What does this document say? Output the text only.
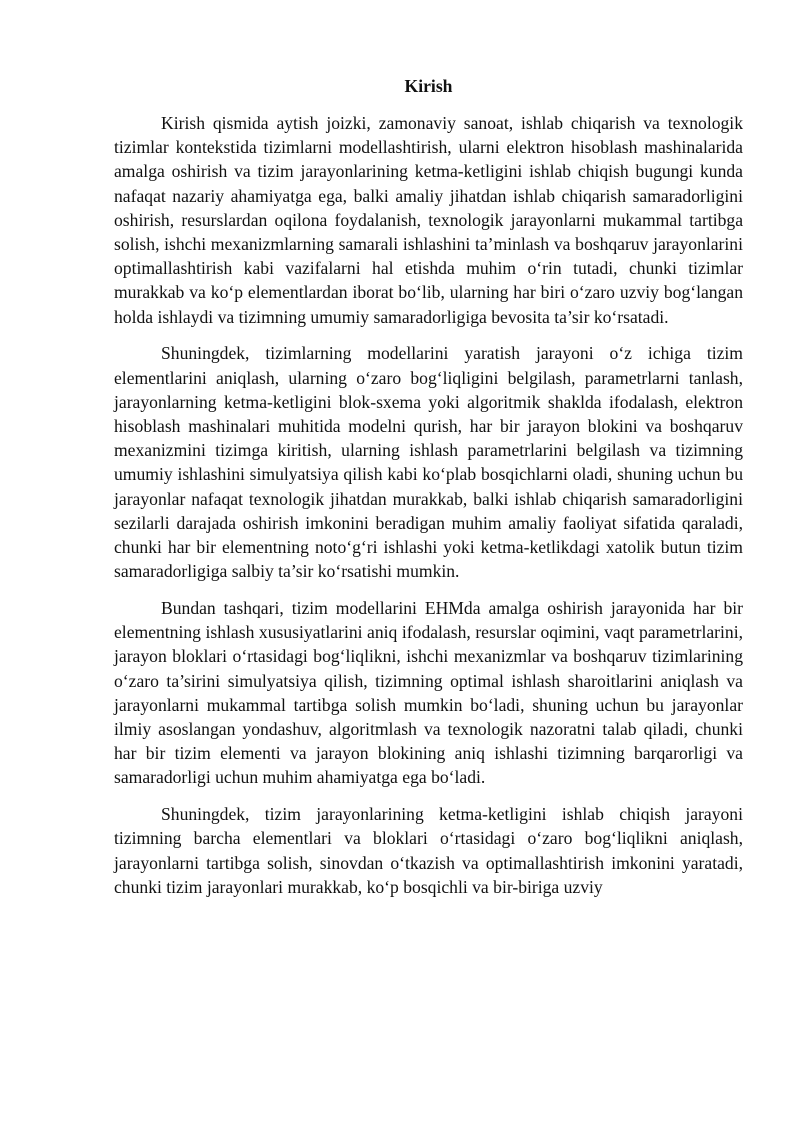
Kirish

Kirish qismida aytish joizki, zamonaviy sanoat, ishlab chiqarish va texnologik tizimlar kontekstida tizimlarni modellashtirish, ularni elektron hisoblash mashinalarida amalga oshirish va tizim jarayonlarining ketma-ketligini ishlab chiqish bugungi kunda nafaqat nazariy ahamiyatga ega, balki amaliy jihatdan ishlab chiqarish samaradorligini oshirish, resurslardan oqilona foydalanish, texnologik jarayonlarni mukammal tartibga solish, ishchi mexanizmlarning samarali ishlashini ta’minlash va boshqaruv jarayonlarini optimallashtirish kabi vazifalarni hal etishda muhim o‘rin tutadi, chunki tizimlar murakkab va ko‘p elementlardan iborat bo‘lib, ularning har biri o‘zaro uzviy bog‘langan holda ishlaydi va tizimning umumiy samaradorligiga bevosita ta’sir ko‘rsatadi.

Shuningdek, tizimlarning modellarini yaratish jarayoni o‘z ichiga tizim elementlarini aniqlash, ularning o‘zaro bog‘liqligini belgilash, parametrlarni tanlash, jarayonlarning ketma-ketligini blok-sxema yoki algoritmik shaklda ifodalash, elektron hisoblash mashinalari muhitida modelni qurish, har bir jarayon blokini va boshqaruv mexanizmini tizimga kiritish, ularning ishlash parametrlarini belgilash va tizimning umumiy ishlashini simulyatsiya qilish kabi ko‘plab bosqichlarni oladi, shuning uchun bu jarayonlar nafaqat texnologik jihatdan murakkab, balki ishlab chiqarish samaradorligini sezilarli darajada oshirish imkonini beradigan muhim amaliy faoliyat sifatida qaraladi, chunki har bir elementning noto‘g‘ri ishlashi yoki ketma-ketlikdagi xatolik butun tizim samaradorligiga salbiy ta’sir ko‘rsatishi mumkin.

Bundan tashqari, tizim modellarini EHMda amalga oshirish jarayonida har bir elementning ishlash xususiyatlarini aniq ifodalash, resurslar oqimini, vaqt parametrlarini, jarayon bloklari o‘rtasidagi bog‘liqlikni, ishchi mexanizmlar va boshqaruv tizimlarining o‘zaro ta’sirini simulyatsiya qilish, tizimning optimal ishlash sharoitlarini aniqlash va jarayonlarni mukammal tartibga solish mumkin bo‘ladi, shuning uchun bu jarayonlar ilmiy asoslangan yondashuv, algoritmlash va texnologik nazoratni talab qiladi, chunki har bir tizim elementi va jarayon blokining aniq ishlashi tizimning barqarorligi va samaradorligi uchun muhim ahamiyatga ega bo‘ladi.

Shuningdek, tizim jarayonlarining ketma-ketligini ishlab chiqish jarayoni tizimning barcha elementlari va bloklari o‘rtasidagi o‘zaro bog‘liqlikni aniqlash, jarayonlarni tartibga solish, sinovdan o‘tkazish va optimallashtirish imkonini yaratadi, chunki tizim jarayonlari murakkab, ko‘p bosqichli va bir-biriga uzviy
